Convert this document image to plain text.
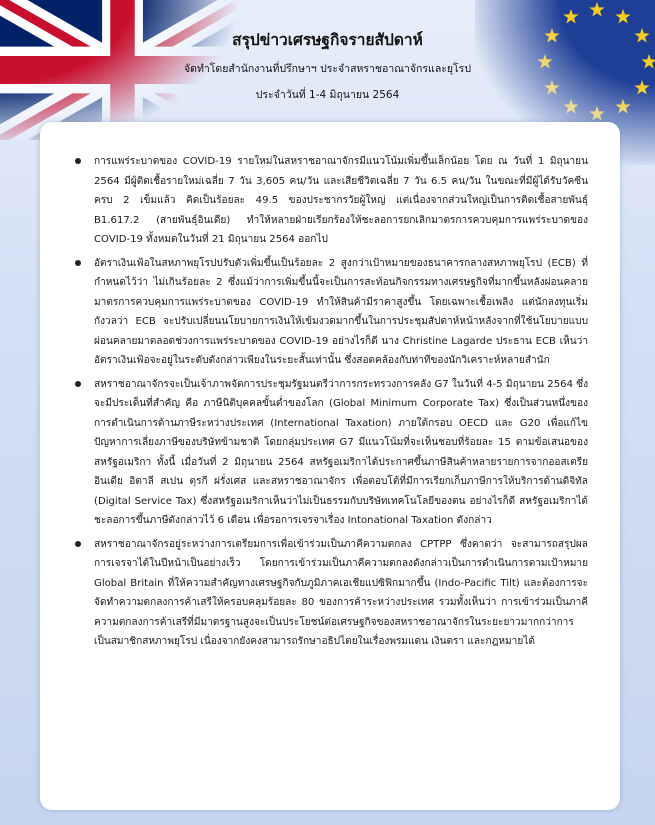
สรุปข่าวเศรษฐกิจรายสัปดาห์
จัดทำโดยสำนักงานที่ปรึกษาฯ ประจำสหราชอาณาจักรและยุโรป
ประจำวันที่ 1-4 มิถุนายน 2564
การแพร่ระบาดของ COVID-19 รายใหม่ในสหราชอาณาจักรมีแนวโน้มเพิ่มขึ้นเล็กน้อย โดย ณ วันที่ 1 มิถุนายน 2564 มีผู้ติดเชื้อรายใหม่เฉลี่ย 7 วัน 3,605 คน/วัน และเสียชีวิตเฉลี่ย 7 วัน 6.5 คน/วัน ในขณะที่มีผู้ได้รับวัคซีนครบ 2 เข็มแล้ว คิดเป็นร้อยละ 49.5 ของประชากรวัยผู้ใหญ่ แต่เนื่องจากส่วนใหญ่เป็นการติดเชื้อสายพันธุ์ B1.617.2 (สายพันธุ์อินเดีย) ทำให้หลายฝ่ายเรียกร้องให้ชะลอการยกเลิกมาตรการควบคุมการแพร่ระบาดของ COVID-19 ทั้งหมดในวันที่ 21 มิถุนายน 2564 ออกไป
อัตราเงินเฟ้อในสหภาพยุโรปปรับตัวเพิ่มขึ้นเป็นร้อยละ 2 สูงกว่าเป้าหมายของธนาคารกลางสหภาพยุโรป (ECB) ที่กำหนดไว้ว่า ไม่เกินร้อยละ 2 ซึ่งแม้ว่าการเพิ่มขึ้นนี้จะเป็นการสะท้อนกิจกรรมทางเศรษฐกิจที่มากขึ้นหลังผ่อนคลายมาตรการควบคุมการแพร่ระบาดของ COVID-19 ทำให้สินค้ามีราคาสูงขึ้น โดยเฉพาะเชื้อเพลิง แต่นักลงทุนเริ่มกังวลว่า ECB จะปรับเปลี่ยนนโยบายการเงินให้เข้มงวดมากขึ้นในการประชุมสัปดาห์หน้าหลังจากที่ใช้นโยบายแบบผ่อนคลายมาตลอดช่วงการแพร่ระบาดของ COVID-19 อย่างไรก็ดี นาง Christine Lagarde ประธาน ECB เห็นว่า อัตราเงินเฟ้อจะอยู่ในระดับดังกล่าวเพียงในระยะสั้นเท่านั้น ซึ่งสอดคล้องกับท่าทีของนักวิเคราะห์หลายสำนัก
สหราชอาณาจักรจะเป็นเจ้าภาพจัดการประชุมรัฐมนตรีว่าการกระทรวงการคลัง G7 ในวันที่ 4-5 มิถุนายน 2564 ซึ่งจะมีประเด็นที่สำคัญ คือ ภาษีนิติบุคคลขั้นต่ำของโลก (Global Minimum Corporate Tax) ซึ่งเป็นส่วนหนึ่งของการดำเนินการด้านภาษีระหว่างประเทศ (International Taxation) ภายใต้กรอบ OECD และ G20 เพื่อแก้ไขปัญหาการเลี่ยงภาษีของบริษัทข้ามชาติ โดยกลุ่มประเทศ G7 มีแนวโน้มที่จะเห็นชอบที่ร้อยละ 15 ตามข้อเสนอของสหรัฐอเมริกา ทั้งนี้ เมื่อวันที่ 2 มิถุนายน 2564 สหรัฐอเมริกาได้ประกาศขึ้นภาษีสินค้าหลายรายการจากออสเตรีย อินเดีย อิตาลี สเปน ตุรกี ฝรั่งเศส และสหราชอาณาจักร เพื่อตอบโต้ที่มีการเรียกเก็บภาษีการให้บริการด้านดิจิทัล (Digital Service Tax) ซึ่งสหรัฐอเมริกาเห็นว่าไม่เป็นธรรมกับบริษัทเทคโนโลยีของตน อย่างไรก็ดี สหรัฐอเมริกาได้ชะลอการขึ้นภาษีดังกล่าวไว้ 6 เดือน เพื่อรอการเจรจาเรื่อง Intonational Taxation ดังกล่าว
สหราชอาณาจักรอยู่ระหว่างการเตรียมการเพื่อเข้าร่วมเป็นภาคีความตกลง CPTPP ซึ่งคาดว่า จะสามารถสรุปผลการเจรจาได้ในปีหน้าเป็นอย่างเร็ว โดยการเข้าร่วมเป็นภาคีความตกลงดังกล่าวเป็นการดำเนินการตามเป้าหมาย Global Britain ที่ให้ความสำคัญทางเศรษฐกิจกับภูมิภาคเอเชียแปซิฟิกมากขึ้น (Indo-Pacific Tilt) และต้องการจะจัดทำความตกลงการค้าเสรีให้ครอบคลุมร้อยละ 80 ของการค้าระหว่างประเทศ รวมทั้งเห็นว่า การเข้าร่วมเป็นภาคีความตกลงการค้าเสรีที่มีมาตรฐานสูงจะเป็นประโยชน์ต่อเศรษฐกิจของสหราชอาณาจักรในระยะยาวมากกว่าการเป็นสมาชิกสหภาพยุโรป เนื่องจากยังคงสามารถรักษาอธิปไตยในเรื่องพรมแดน เงินตรา และกฎหมายได้
